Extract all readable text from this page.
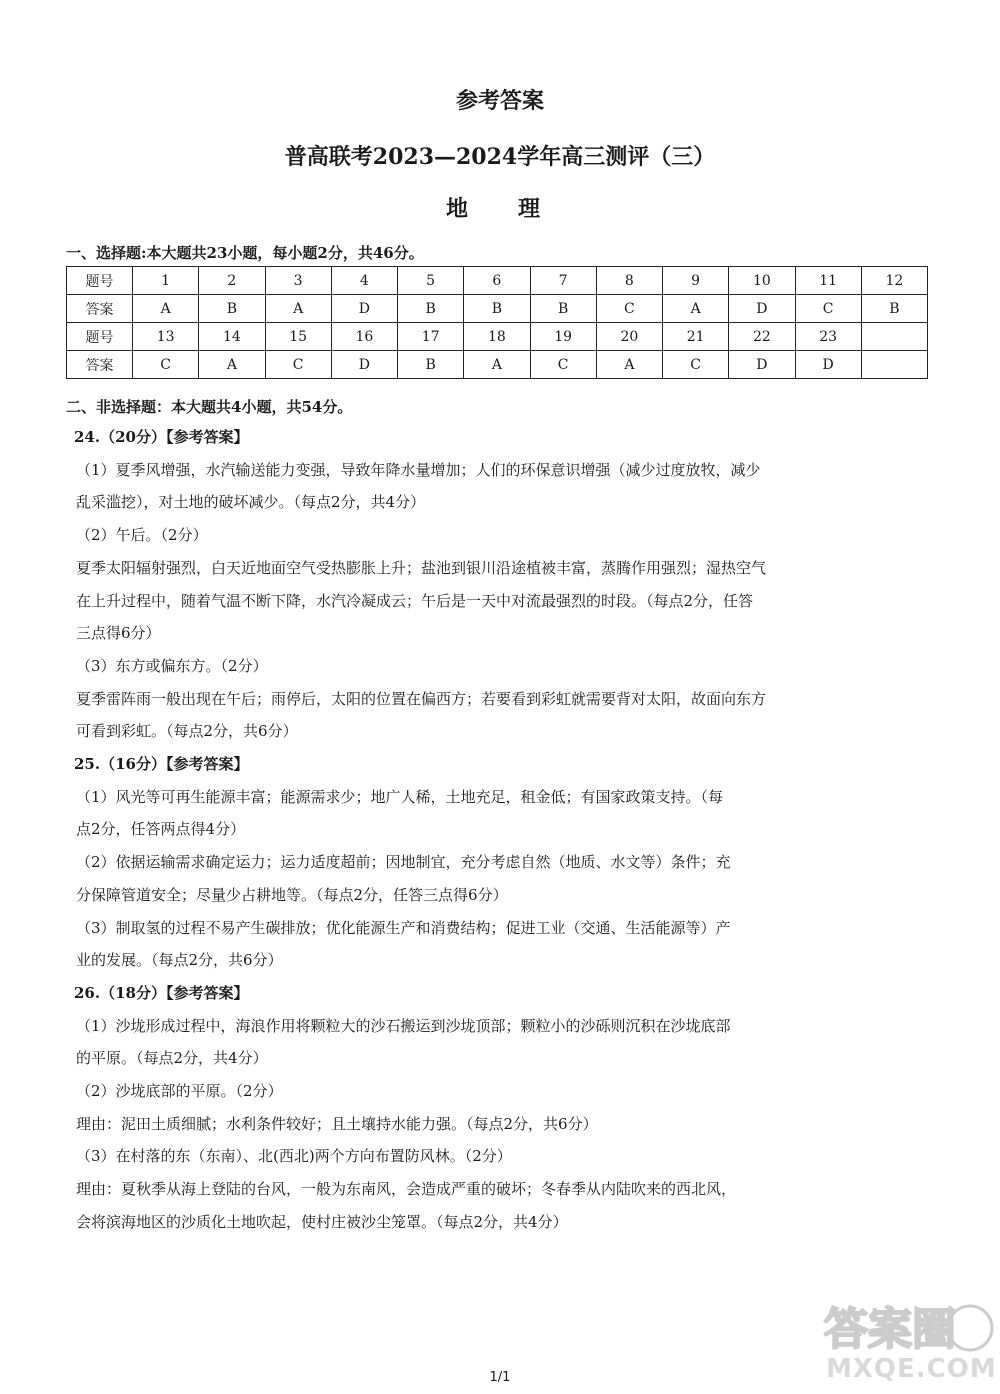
参考答案
普高联考2023—2024学年高三测评（三）
地　理
一、选择题:本大题共23小题，每小题2分，共46分。
题号	1	2	3	4	5	6	7	8	9	10	11	12
答案	A	B	A	D	B	B	B	C	A	D	C	B
题号	13	14	15	16	17	18	19	20	21	22	23	
答案	C	A	C	D	B	A	C	A	C	D	D	
二、非选择题：本大题共4小题，共54分。

24.（20分）【参考答案】

（1）夏季风增强，水汽输送能力变强，导致年降水量增加；人们的环保意识增强（减少过度放牧，减少

乱采滥挖），对土地的破坏减少。（每点2分，共4分）

（2）午后。（2分）

夏季太阳辐射强烈，白天近地面空气受热膨胀上升；盐池到银川沿途植被丰富，蒸腾作用强烈；湿热空气

在上升过程中，随着气温不断下降，水汽冷凝成云；午后是一天中对流最强烈的时段。（每点2分，任答

三点得6分）

（3）东方或偏东方。（2分）

夏季雷阵雨一般出现在午后；雨停后，太阳的位置在偏西方；若要看到彩虹就需要背对太阳，故面向东方

可看到彩虹。（每点2分，共6分）

25.（16分）【参考答案】

（1）风光等可再生能源丰富；能源需求少；地广人稀，土地充足，租金低；有国家政策支持。（每

点2分，任答两点得4分）

（2）依据运输需求确定运力；运力适度超前；因地制宜，充分考虑自然（地质、水文等）条件；充

分保障管道安全；尽量少占耕地等。（每点2分，任答三点得6分）

（3）制取氢的过程不易产生碳排放；优化能源生产和消费结构；促进工业（交通、生活能源等）产

业的发展。（每点2分，共6分）

26.（18分）【参考答案】

（1）沙垅形成过程中，海浪作用将颗粒大的沙石搬运到沙垅顶部；颗粒小的沙砾则沉积在沙垅底部

的平原。（每点2分，共4分）

（2）沙垅底部的平原。（2分）

理由：泥田土质细腻；水利条件较好；且土壤持水能力强。（每点2分，共6分）

（3）在村落的东（东南）、北(西北)两个方向布置防风林。（2分）

理由：夏秋季从海上登陆的台风，一般为东南风，会造成严重的破坏；冬春季从内陆吹来的西北风，

会将滨海地区的沙质化土地吹起，使村庄被沙尘笼罩。（每点2分，共4分）

1/1
答案圈
MXQE.COM
